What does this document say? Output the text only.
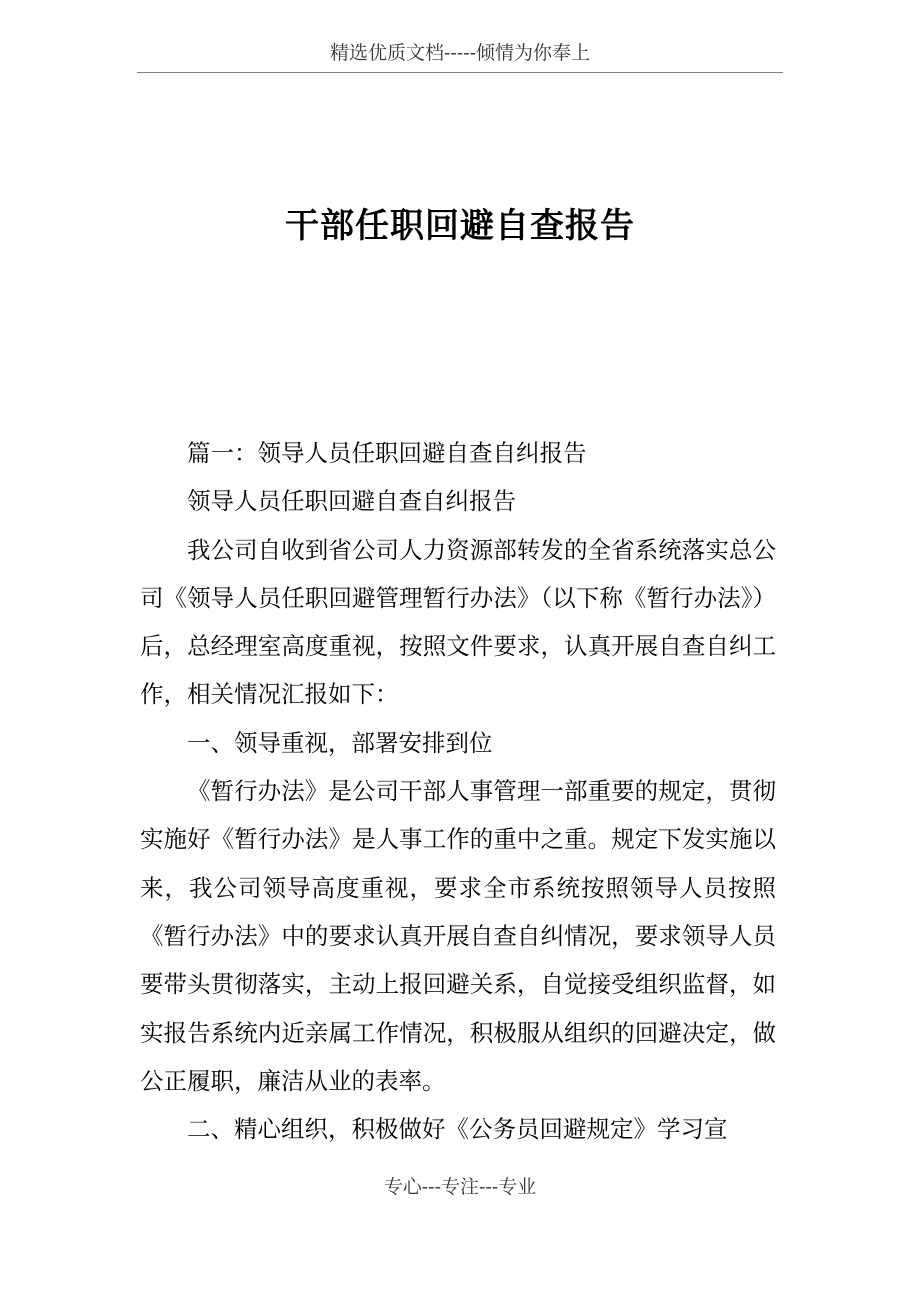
精选优质文档-----倾情为你奉上
干部任职回避自查报告

篇一：领导人员任职回避自查自纠报告

领导人员任职回避自查自纠报告

我公司自收到省公司人力资源部转发的全省系统落实总公司《领导人员任职回避管理暂行办法》（以下称《暂行办法》）后，总经理室高度重视，按照文件要求，认真开展自查自纠工作，相关情况汇报如下：

一、领导重视，部署安排到位

《暂行办法》是公司干部人事管理一部重要的规定，贯彻实施好《暂行办法》是人事工作的重中之重。规定下发实施以来，我公司领导高度重视，要求全市系统按照领导人员按照《暂行办法》中的要求认真开展自查自纠情况，要求领导人员要带头贯彻落实，主动上报回避关系，自觉接受组织监督，如实报告系统内近亲属工作情况，积极服从组织的回避决定，做公正履职，廉洁从业的表率。

二、精心组织，积极做好《公务员回避规定》学习宣

专心---专注---专业
